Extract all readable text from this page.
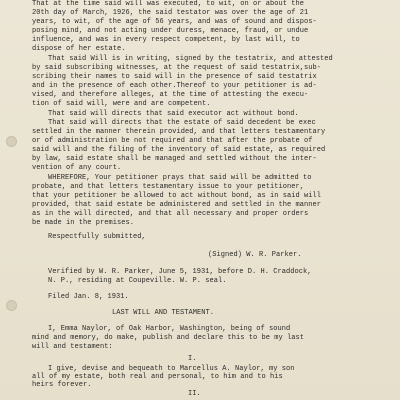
That at the time said will was executed, to wit, on or about the
20th day of March, 1926, the said testator was over the age of 21
years, to wit, of the age of 56 years, and was of sound and dispos-
posing mind, and not acting under duress, menace, fraud, or undue
influence, and was in every respect competent, by last will, to
dispose of her estate.
That said Will is in writing, signed by the testatrix, and attested
by said subscribing witnesses, at the request of said testatrix,sub-
scribing their names to said will in the presence of said testatrix
and in the presence of each other.Thereof to your petitioner is ad-
vised, and therefore alleges, at the time of attesting the execu-
tion of said will, were and are competent.
That said will directs that said executor act without bond.
That said will directs that the estate of said decedent be exec
settled in the manner therein provided, and that letters testamentary
or of administration be not required and that after the probate of
said will and the filing of the inventory of said estate, as required
by law, said estate shall be managed and settled without the inter-
vention of any court.
WHEREFORE, Your petitioner prays that said will be admitted to
probate, and that letters testamentary issue to your petitioner,
that your petitioner be allowed to act without bond, as in said will
provided, that said estate be administered and settled in the manner
as in the will directed, and that all necessary and proper orders
be made in the premises.
Respectfully submitted,
(Signed) W. R. Parker.
Verified by W. R. Parker, June 5, 1931, before D. H. Craddock,
N. P., residing at Coupeville. W. P. seal.
Filed Jan. 8, 1931.
LAST WILL AND TESTAMENT.
I, Emma Naylor, of Oak Harbor, Washington, being of sound
mind and memory, do make, publish and declare this to be my last
will and testament:
I.
I give, devise and bequeath to Marcellus A. Naylor, my son
all of my estate, both real and personal, to him and to his
heirs forever.
II.
